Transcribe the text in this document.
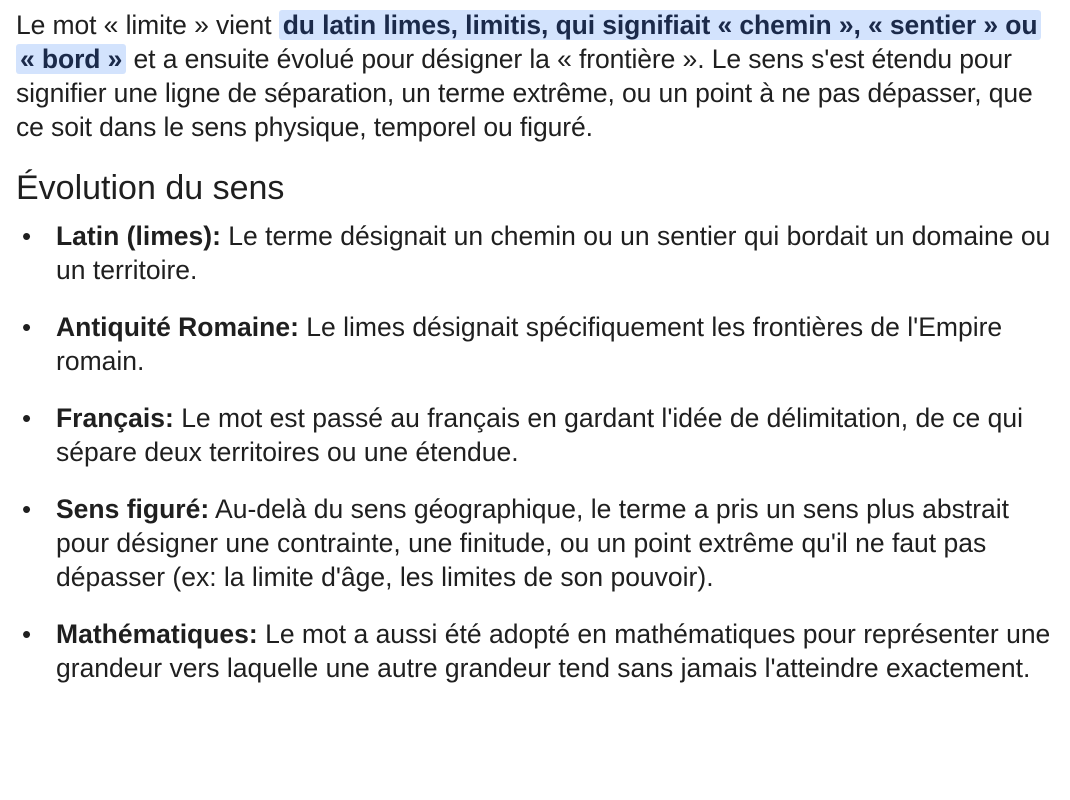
Le mot « limite » vient du latin limes, limitis, qui signifiait « chemin », « sentier » ou « bord » et a ensuite évolué pour désigner la « frontière ». Le sens s'est étendu pour signifier une ligne de séparation, un terme extrême, ou un point à ne pas dépasser, que ce soit dans le sens physique, temporel ou figuré.

Évolution du sens
• Latin (limes): Le terme désignait un chemin ou un sentier qui bordait un domaine ou un territoire.
• Antiquité Romaine: Le limes désignait spécifiquement les frontières de l'Empire romain.
• Français: Le mot est passé au français en gardant l'idée de délimitation, de ce qui sépare deux territoires ou une étendue.
• Sens figuré: Au-delà du sens géographique, le terme a pris un sens plus abstrait pour désigner une contrainte, une finitude, ou un point extrême qu'il ne faut pas dépasser (ex: la limite d'âge, les limites de son pouvoir).
• Mathématiques: Le mot a aussi été adopté en mathématiques pour représenter une grandeur vers laquelle une autre grandeur tend sans jamais l'atteindre exactement.
